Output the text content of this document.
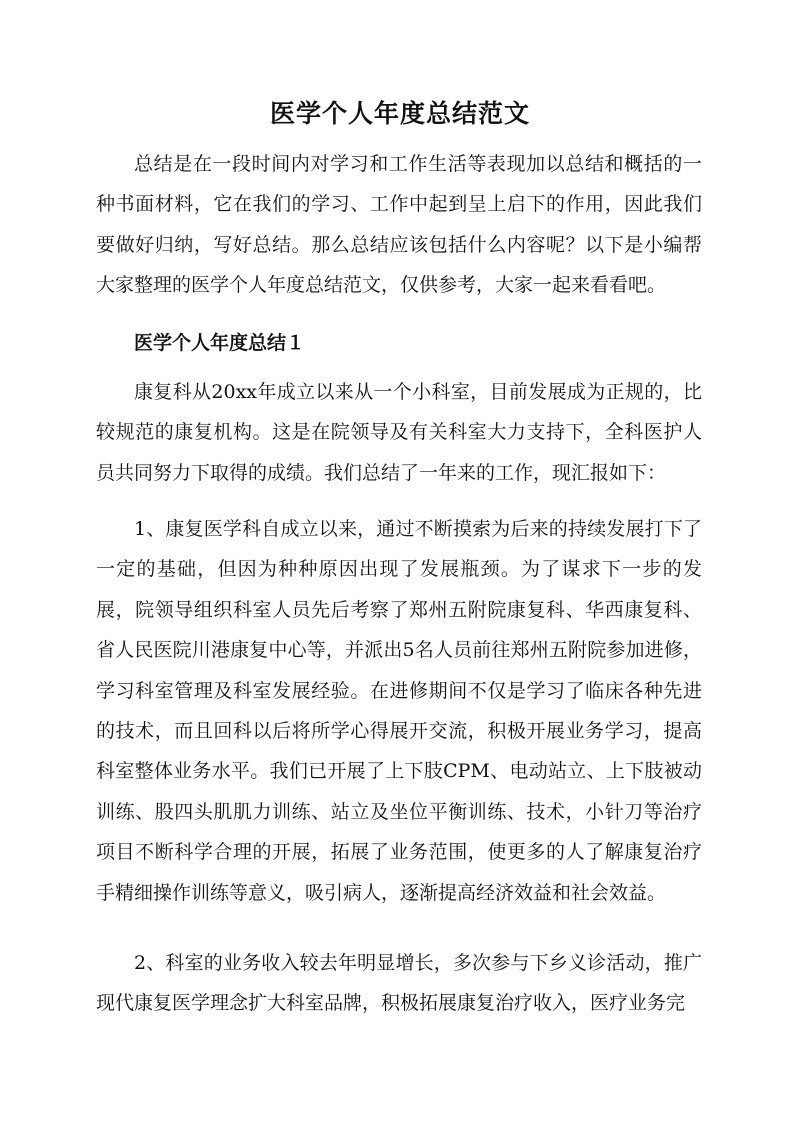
医学个人年度总结范文

总结是在一段时间内对学习和工作生活等表现加以总结和概括的一种书面材料，它在我们的学习、工作中起到呈上启下的作用，因此我们要做好归纳，写好总结。那么总结应该包括什么内容呢？以下是小编帮大家整理的医学个人年度总结范文，仅供参考，大家一起来看看吧。

医学个人年度总结１

康复科从20xx年成立以来从一个小科室，目前发展成为正规的，比较规范的康复机构。这是在院领导及有关科室大力支持下，全科医护人员共同努力下取得的成绩。我们总结了一年来的工作，现汇报如下：

1、康复医学科自成立以来，通过不断摸索为后来的持续发展打下了一定的基础，但因为种种原因出现了发展瓶颈。为了谋求下一步的发展，院领导组织科室人员先后考察了郑州五附院康复科、华西康复科、省人民医院川港康复中心等，并派出5名人员前往郑州五附院参加进修，学习科室管理及科室发展经验。在进修期间不仅是学习了临床各种先进的技术，而且回科以后将所学心得展开交流，积极开展业务学习，提高科室整体业务水平。我们已开展了上下肢CPM、电动站立、上下肢被动训练、股四头肌肌力训练、站立及坐位平衡训练、技术，小针刀等治疗项目不断科学合理的开展，拓展了业务范围，使更多的人了解康复治疗手精细操作训练等意义，吸引病人，逐渐提高经济效益和社会效益。

2、科室的业务收入较去年明显增长，多次参与下乡义诊活动，推广现代康复医学理念扩大科室品牌，积极拓展康复治疗收入，医疗业务完
